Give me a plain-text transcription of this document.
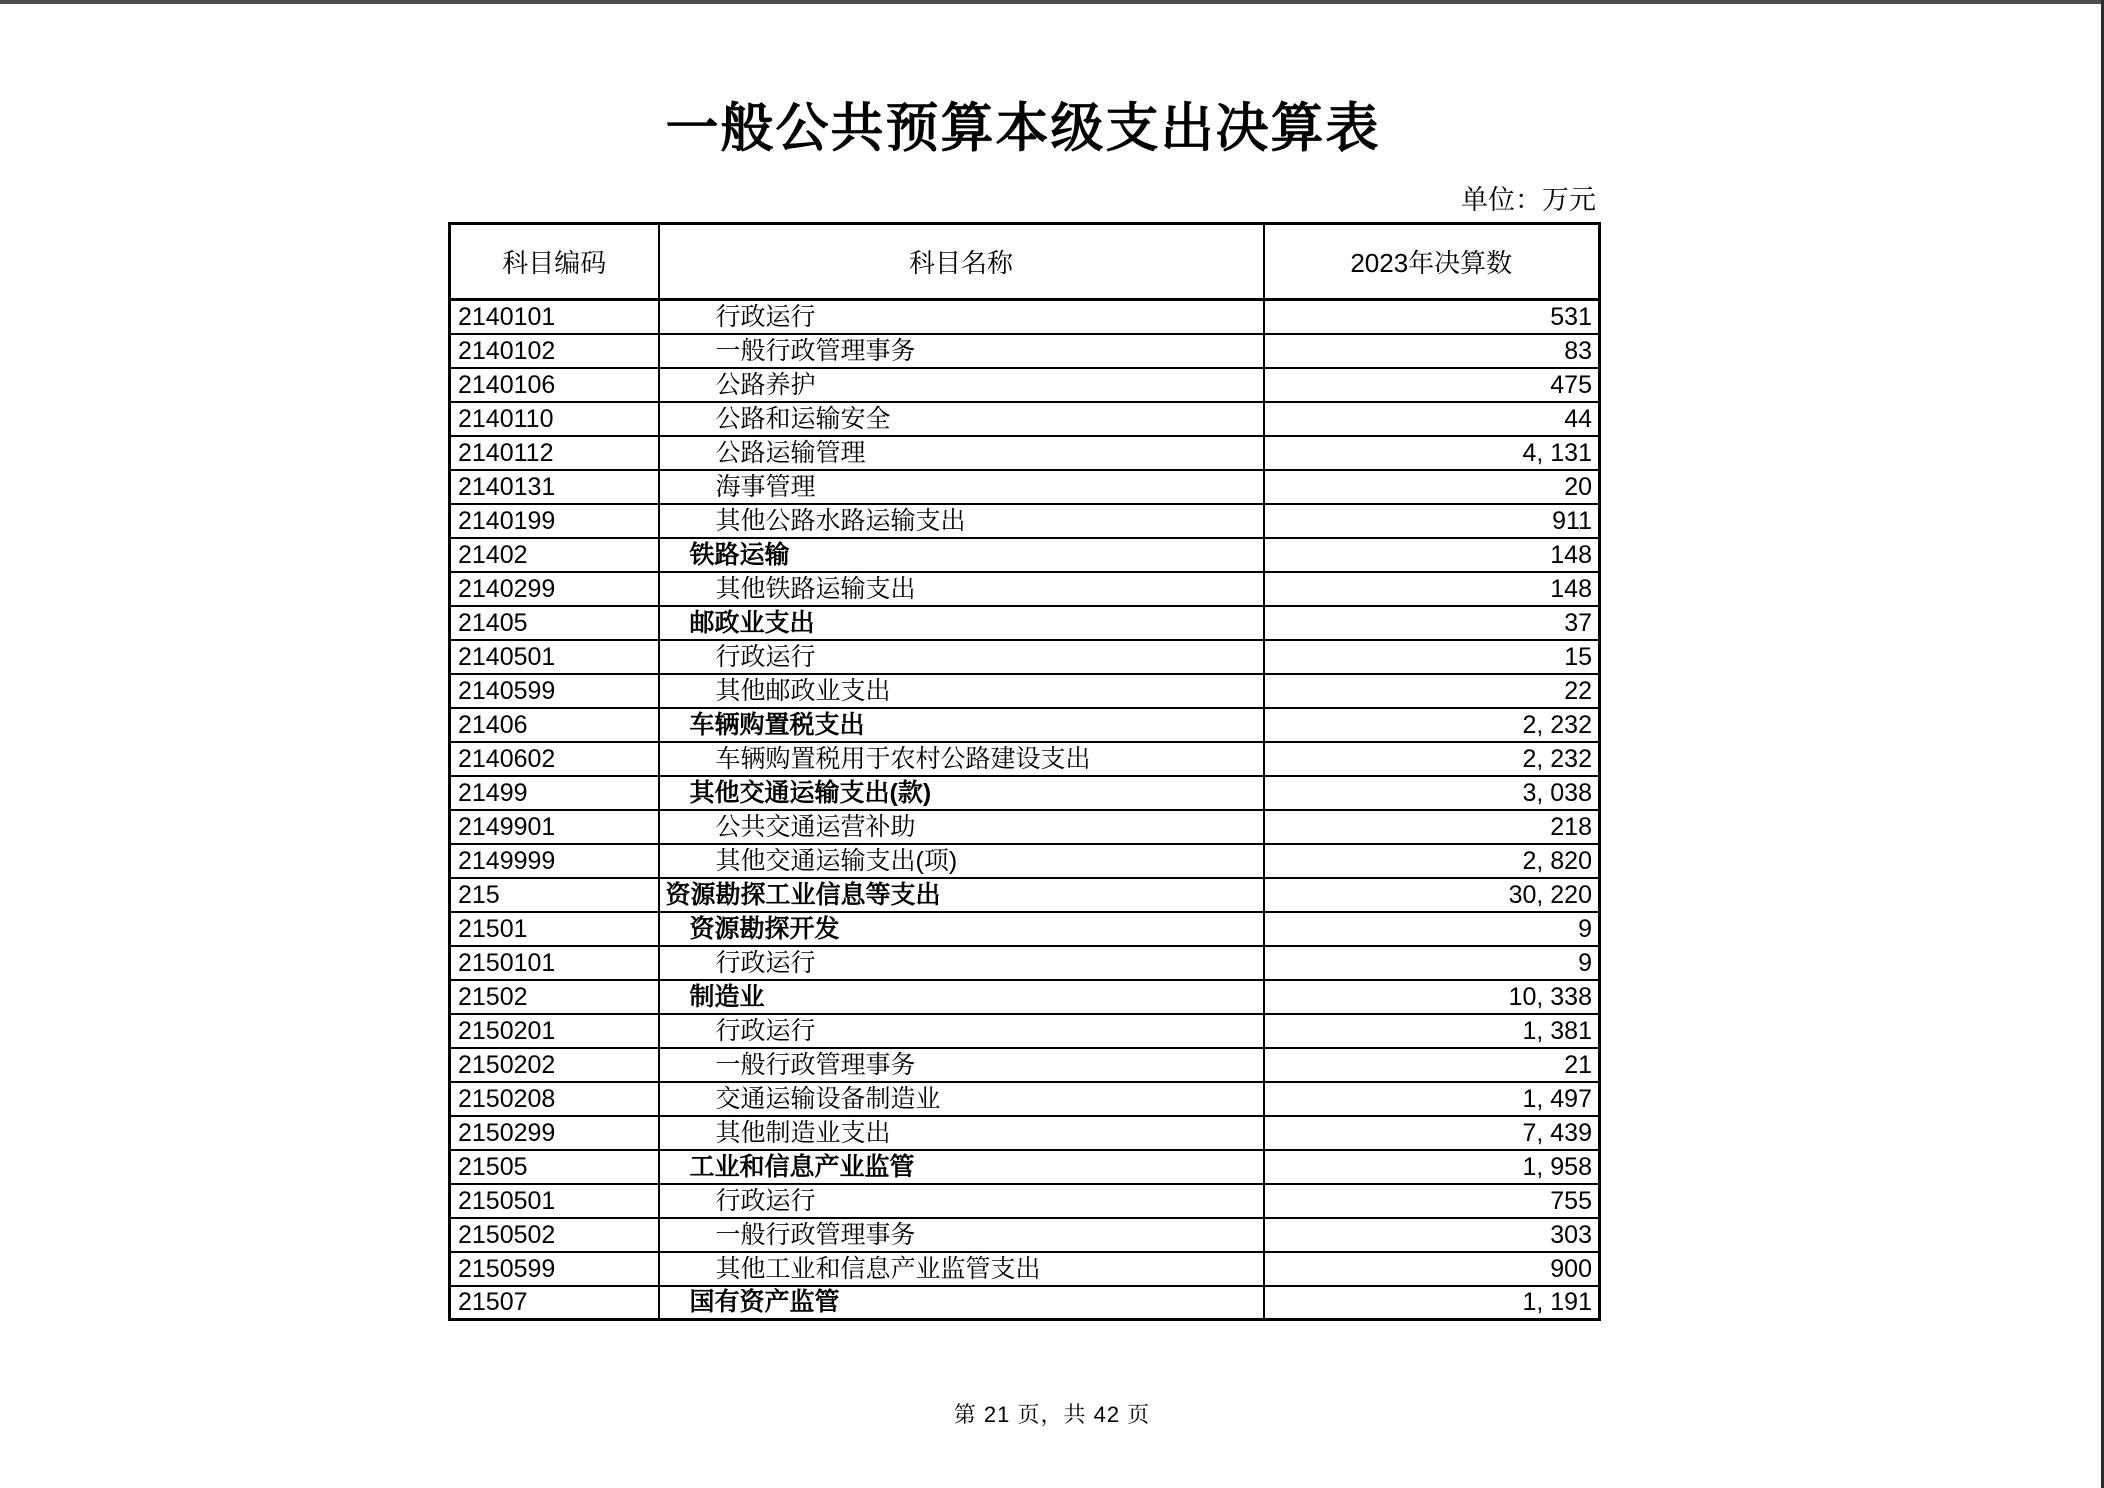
一般公共预算本级支出决算表
单位：万元
科目编码	科目名称	2023年决算数
2140101	行政运行	531
2140102	一般行政管理事务	83
2140106	公路养护	475
2140110	公路和运输安全	44
2140112	公路运输管理	4, 131
2140131	海事管理	20
2140199	其他公路水路运输支出	911
21402	铁路运输	148
2140299	其他铁路运输支出	148
21405	邮政业支出	37
2140501	行政运行	15
2140599	其他邮政业支出	22
21406	车辆购置税支出	2, 232
2140602	车辆购置税用于农村公路建设支出	2, 232
21499	其他交通运输支出(款)	3, 038
2149901	公共交通运营补助	218
2149999	其他交通运输支出(项)	2, 820
215	资源勘探工业信息等支出	30, 220
21501	资源勘探开发	9
2150101	行政运行	9
21502	制造业	10, 338
2150201	行政运行	1, 381
2150202	一般行政管理事务	21
2150208	交通运输设备制造业	1, 497
2150299	其他制造业支出	7, 439
21505	工业和信息产业监管	1, 958
2150501	行政运行	755
2150502	一般行政管理事务	303
2150599	其他工业和信息产业监管支出	900
21507	国有资产监管	1, 191
第 21 页，共 42 页
